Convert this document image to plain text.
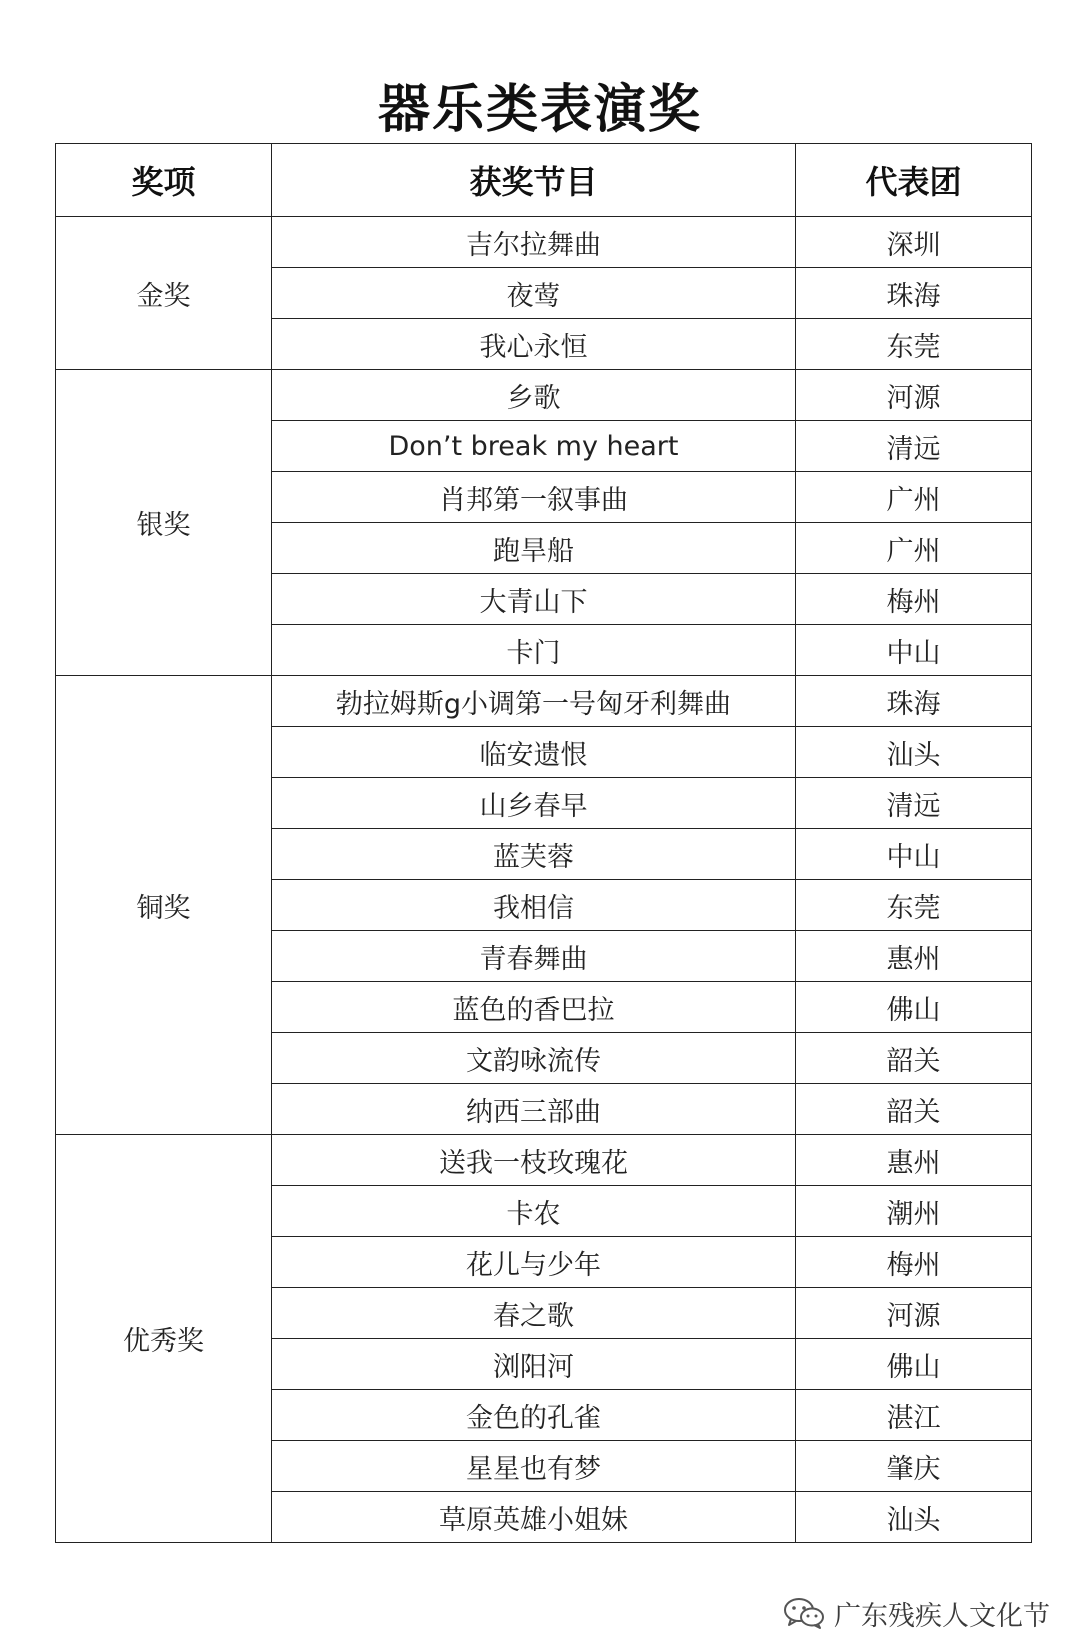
器乐类表演奖
奖项	获奖节目	代表团
金奖	吉尔拉舞曲	深圳
	夜莺	珠海
	我心永恒	东莞
银奖	乡歌	河源
	Don’t break my heart	清远
	肖邦第一叙事曲	广州
	跑旱船	广州
	大青山下	梅州
	卡门	中山
铜奖	勃拉姆斯g小调第一号匈牙利舞曲	珠海
	临安遗恨	汕头
	山乡春早	清远
	蓝芙蓉	中山
	我相信	东莞
	青春舞曲	惠州
	蓝色的香巴拉	佛山
	文韵咏流传	韶关
	纳西三部曲	韶关
优秀奖	送我一枝玫瑰花	惠州
	卡农	潮州
	花儿与少年	梅州
	春之歌	河源
	浏阳河	佛山
	金色的孔雀	湛江
	星星也有梦	肇庆
	草原英雄小姐妹	汕头
广东残疾人文化节
